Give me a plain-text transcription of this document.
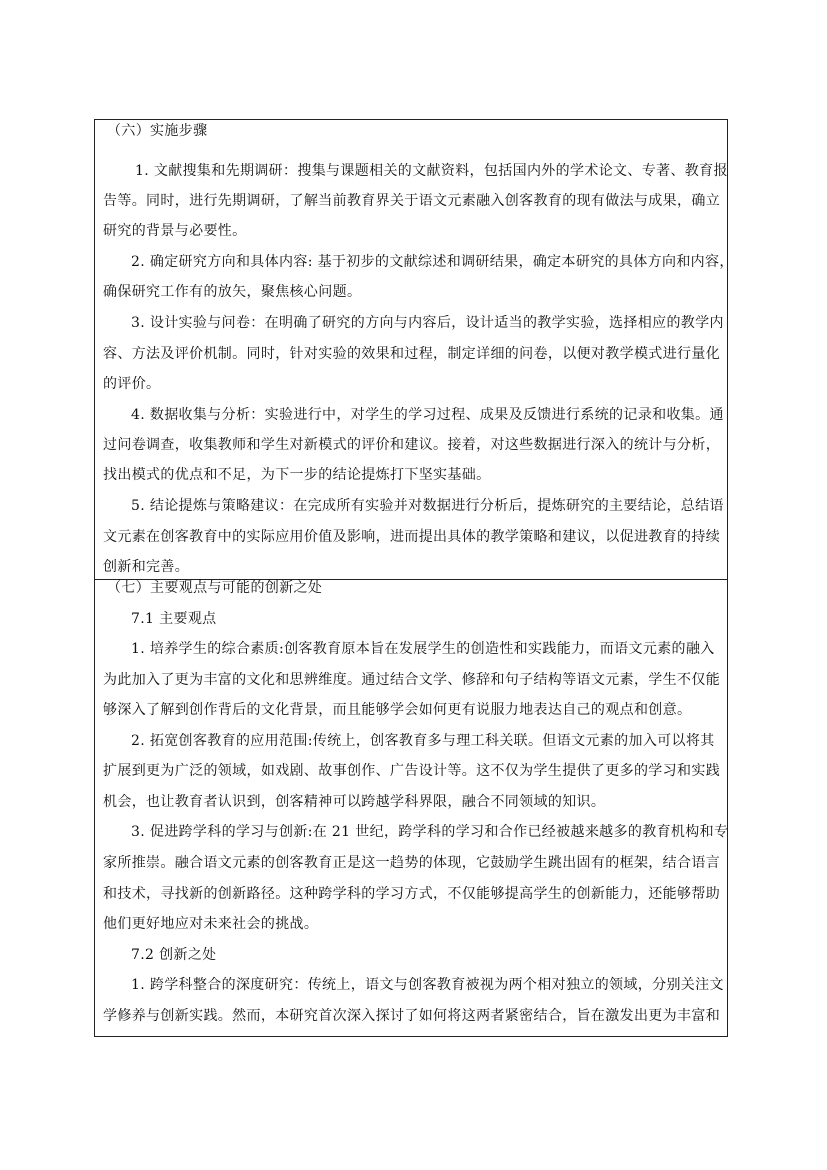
（六）实施步骤
1. 文献搜集和先期调研：搜集与课题相关的文献资料，包括国内外的学术论文、专著、教育报
告等。同时，进行先期调研，了解当前教育界关于语文元素融入创客教育的现有做法与成果，确立
研究的背景与必要性。
2. 确定研究方向和具体内容: 基于初步的文献综述和调研结果，确定本研究的具体方向和内容，
确保研究工作有的放矢，聚焦核心问题。
3. 设计实验与问卷：在明确了研究的方向与内容后，设计适当的教学实验，选择相应的教学内
容、方法及评价机制。同时，针对实验的效果和过程，制定详细的问卷，以便对教学模式进行量化
的评价。
4. 数据收集与分析：实验进行中，对学生的学习过程、成果及反馈进行系统的记录和收集。通
过问卷调查，收集教师和学生对新模式的评价和建议。接着，对这些数据进行深入的统计与分析，
找出模式的优点和不足，为下一步的结论提炼打下坚实基础。
5. 结论提炼与策略建议：在完成所有实验并对数据进行分析后，提炼研究的主要结论，总结语
文元素在创客教育中的实际应用价值及影响，进而提出具体的教学策略和建议，以促进教育的持续
创新和完善。
（七）主要观点与可能的创新之处
7.1 主要观点
1. 培养学生的综合素质:创客教育原本旨在发展学生的创造性和实践能力，而语文元素的融入
为此加入了更为丰富的文化和思辨维度。通过结合文学、修辞和句子结构等语文元素，学生不仅能
够深入了解到创作背后的文化背景，而且能够学会如何更有说服力地表达自己的观点和创意。
2. 拓宽创客教育的应用范围:传统上，创客教育多与理工科关联。但语文元素的加入可以将其
扩展到更为广泛的领域，如戏剧、故事创作、广告设计等。这不仅为学生提供了更多的学习和实践
机会，也让教育者认识到，创客精神可以跨越学科界限，融合不同领域的知识。
3. 促进跨学科的学习与创新:在 21 世纪，跨学科的学习和合作已经被越来越多的教育机构和专
家所推崇。融合语文元素的创客教育正是这一趋势的体现，它鼓励学生跳出固有的框架，结合语言
和技术，寻找新的创新路径。这种跨学科的学习方式，不仅能够提高学生的创新能力，还能够帮助
他们更好地应对未来社会的挑战。
7.2 创新之处
1. 跨学科整合的深度研究：传统上，语文与创客教育被视为两个相对独立的领域，分别关注文
学修养与创新实践。然而，本研究首次深入探讨了如何将这两者紧密结合，旨在激发出更为丰富和
